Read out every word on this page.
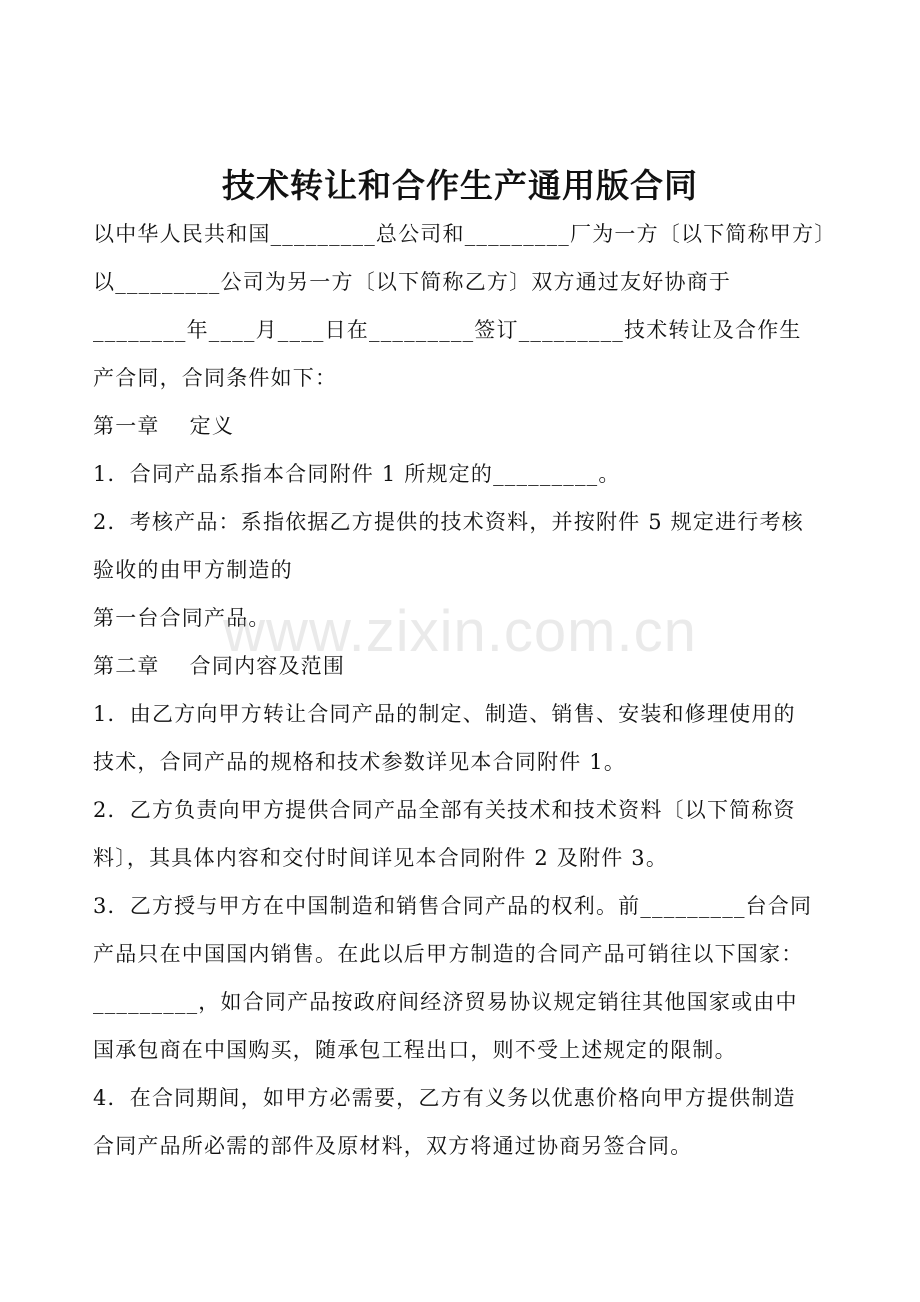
技术转让和合作生产通用版合同

以中华人民共和国_________总公司和_________厂为一方〔以下简称甲方〕

以_________公司为另一方〔以下简称乙方〕双方通过友好协商于

________年____月____日在_________签订_________技术转让及合作生

产合同，合同条件如下：

第一章　 定义

1．合同产品系指本合同附件 1 所规定的_________。

2．考核产品：系指依据乙方提供的技术资料，并按附件 5 规定进行考核

验收的由甲方制造的

第一台合同产品。

第二章　 合同内容及范围

1．由乙方向甲方转让合同产品的制定、制造、销售、安装和修理使用的

技术，合同产品的规格和技术参数详见本合同附件 1。

2．乙方负责向甲方提供合同产品全部有关技术和技术资料〔以下简称资

料〕，其具体内容和交付时间详见本合同附件 2 及附件 3。

3．乙方授与甲方在中国制造和销售合同产品的权利。前_________台合同

产品只在中国国内销售。在此以后甲方制造的合同产品可销往以下国家：

_________，如合同产品按政府间经济贸易协议规定销往其他国家或由中

国承包商在中国购买，随承包工程出口，则不受上述规定的限制。

4．在合同期间，如甲方必需要，乙方有义务以优惠价格向甲方提供制造

合同产品所必需的部件及原材料，双方将通过协商另签合同。

www.zixin.com.cn
